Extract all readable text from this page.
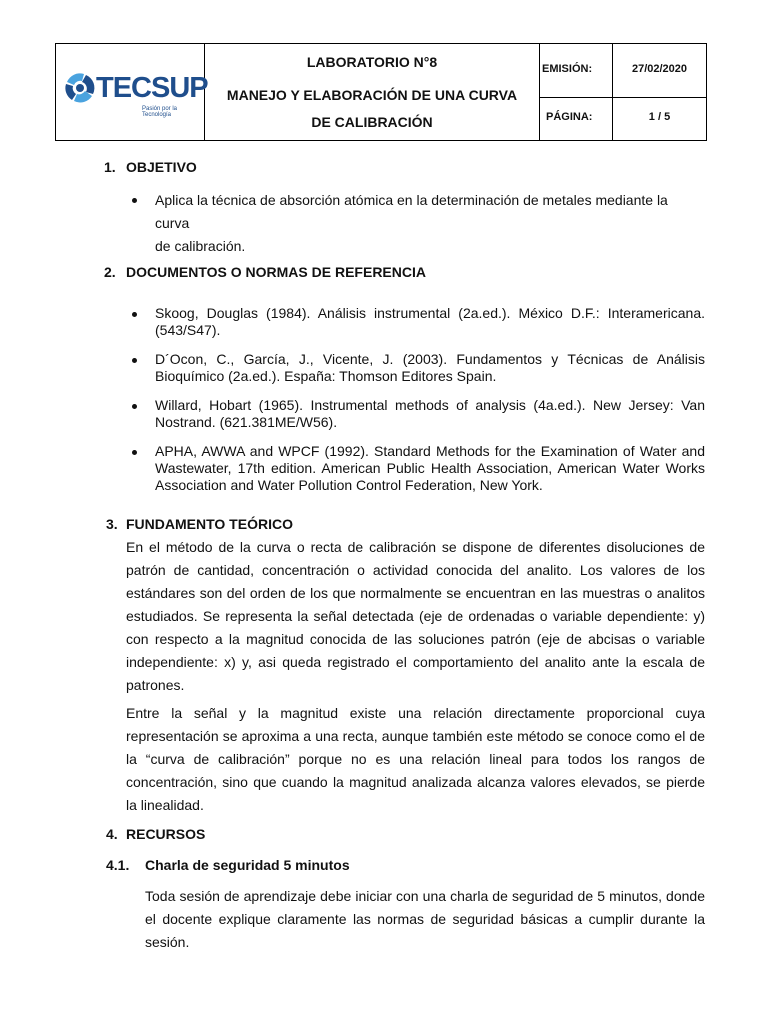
TECSUP
Pasión por la Tecnología
LABORATORIO N°8
MANEJO Y ELABORACIÓN DE UNA CURVA
DE CALIBRACIÓN
EMISIÓN:	27/02/2020
PÁGINA:	1 / 5
1. OBJETIVO
Aplica la técnica de absorción atómica en la determinación de metales mediante la curva
de calibración.
2. DOCUMENTOS O NORMAS DE REFERENCIA
Skoog, Douglas (1984). Análisis instrumental (2a.ed.). México D.F.: Interamericana.
(543/S47).
D´Ocon, C., García, J., Vicente, J. (2003). Fundamentos y Técnicas de Análisis
Bioquímico (2a.ed.). España: Thomson Editores Spain.
Willard, Hobart (1965). Instrumental methods of analysis (4a.ed.). New Jersey: Van
Nostrand. (621.381ME/W56).
APHA, AWWA and WPCF (1992). Standard Methods for the Examination of Water and
Wastewater, 17th edition. American Public Health Association, American Water Works
Association and Water Pollution Control Federation, New York.
3. FUNDAMENTO TEÓRICO
En el método de la curva o recta de calibración se dispone de diferentes disoluciones de
patrón de cantidad, concentración o actividad conocida del analito. Los valores de los
estándares son del orden de los que normalmente se encuentran en las muestras o analitos
estudiados. Se representa la señal detectada (eje de ordenadas o variable dependiente: y)
con respecto a la magnitud conocida de las soluciones patrón (eje de abcisas o variable
independiente: x) y, asi queda registrado el comportamiento del analito ante la escala de
patrones.
Entre la señal y la magnitud existe una relación directamente proporcional cuya
representación se aproxima a una recta, aunque también este método se conoce como el de
la “curva de calibración” porque no es una relación lineal para todos los rangos de
concentración, sino que cuando la magnitud analizada alcanza valores elevados, se pierde
la linealidad.
4. RECURSOS
4.1. Charla de seguridad 5 minutos
Toda sesión de aprendizaje debe iniciar con una charla de seguridad de 5 minutos, donde
el docente explique claramente las normas de seguridad básicas a cumplir durante la
sesión.
